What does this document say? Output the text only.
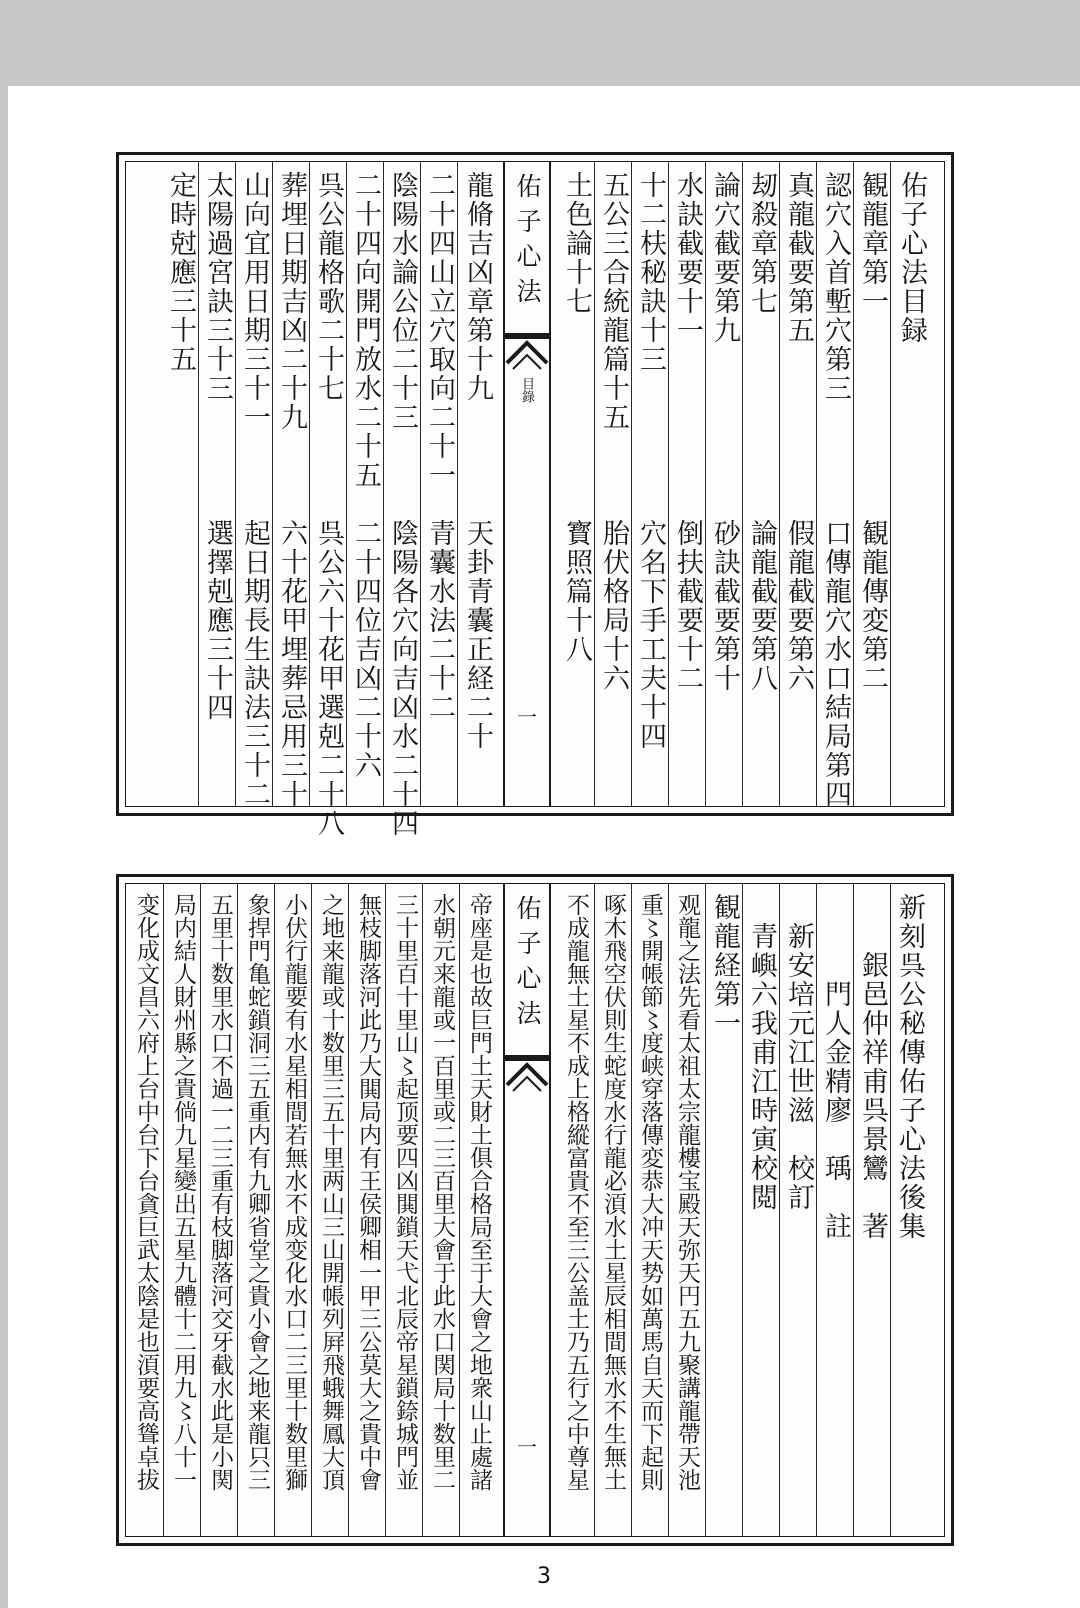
佑子心法目録
観龍章第一　　　　　　　観龍傳変第二
認穴入首塹穴第三　　　　口傳龍穴水口結局第四
真龍截要第五　　　　　　假龍截要第六
刼殺章第七　　　　　　　論龍截要第八
論穴截要第九　　　　　　砂訣截要第十
水訣截要十一　　　　　　倒扶截要十二
十二枎秘訣十三　　　　　穴名下手工夫十四
五公三合統龍篇十五　　　胎伏格局十六
土色論十七　　　　　　　寳照篇十八
佑子心法
目錄
一
龍脩吉凶章第十九　　　　天卦青囊正経二十
二十四山立穴取向二十一　青囊水法二十二
陰陽水論公位二十三　　　陰陽各穴向吉凶水二十四
二十四向開門放水二十五　二十四位吉凶二十六
呉公龍格歌二十七　　　　呉公六十花甲選剋二十八
葬埋日期吉凶二十九　　　六十花甲埋葬忌用三十
山向宜用日期三十一　　　起日期長生訣法三十二
太陽過宮訣三十三　　　　選擇剋應三十四
定時尅應三十五
新刻呉公秘傳佑子心法後集
　　銀邑仲祥甫呉景鸞　著
　　　門人金精廖　瑀　註
　新安培元江世滋　校訂
　青嶼六我甫江時寅校閲
観龍経第一
观龍之法先看太祖太宗龍樓宝殿天弥天円五九聚講龍帶天池
重〻開帳節〻度峡穿落傳変恭大冲天势如萬馬自天而下起則
啄木飛空伏則生蛇度水行龍必湏水土星辰相間無水不生無土
不成龍無土星不成上格縱富貴不至三公盖土乃五行之中尊星
佑子心法
一
帝座是也故巨門土天財土俱合格局至于大會之地衆山止處諸
水朝元来龍或一百里或二三百里大會于此水口関局十数里二
三十里百十里山〻起顶要四凶閧鎖天弋北辰帝星鎖錼城門並
無枝脚落河此乃大閧局内有王侯卿相一甲三公莫大之貴中會
之地来龍或十数里三五十里两山三山開帳列屛飛蛾舞鳳大頂
小伏行龍要有水星相間若無水不成变化水口二三里十数里獅
象捍門亀蛇鎖洞三五重内有九卿省堂之貴小會之地来龍只三
五里十数里水口不過一二三重有枝脚落河交牙截水此是小関
局内結人財州縣之貴倘九星變出五星九體十二用九〻八十一
变化成文昌六府上台中台下台貪巨武太陰是也湏要高聳卓拔
3
